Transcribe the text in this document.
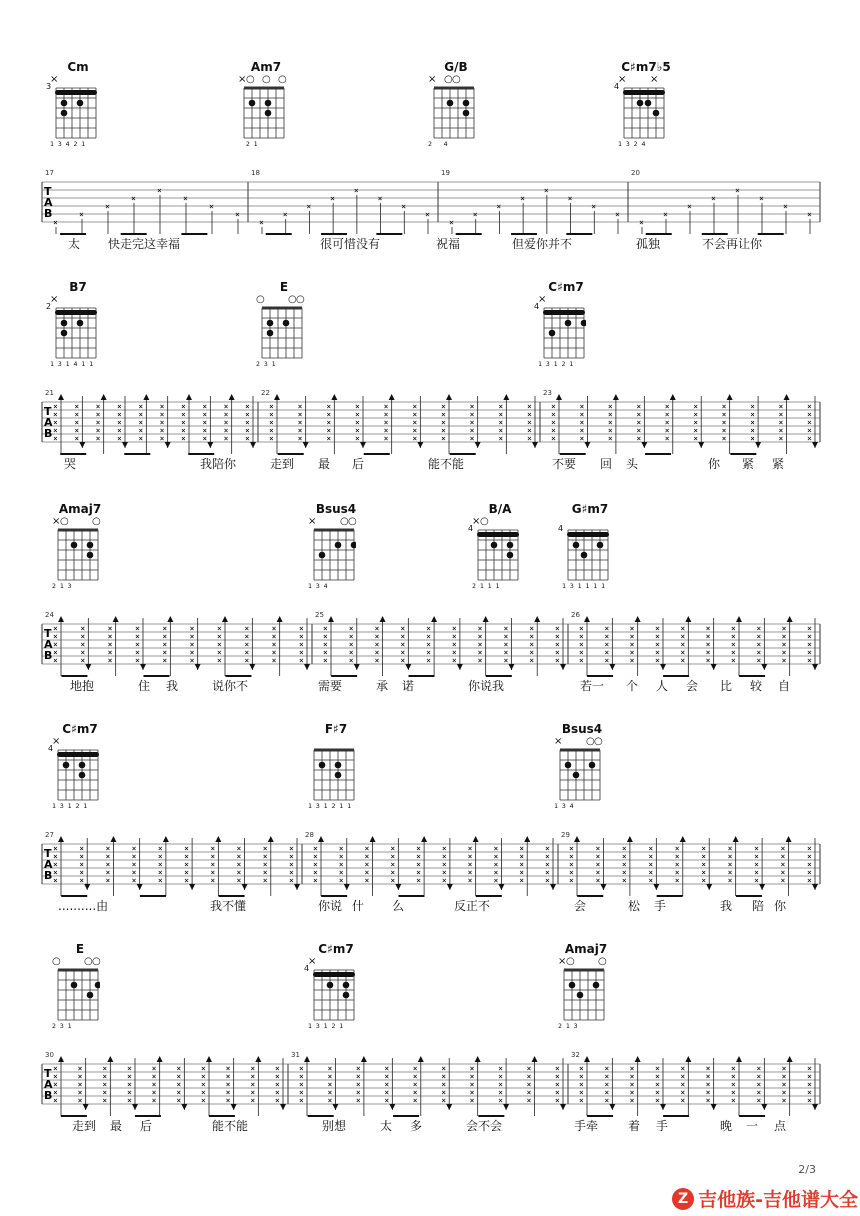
Cm
×
3
1 3 4 2 1
Am7
× ○ ○ ○
2 1
G/B
× ○ ○
2   4
C♯m7♭5
× ×
4
1 3 2 4
T A B
17	18	19	20
×
×
×
×
×
×
×
×
×
×
×
×
×
×
×
×
×
×
×
×
×
×
×
×
×
×
×
×
×
×
×
×
太 快走完这幸福	很可惜没有	祝福	但爱你并不	孤独	不会再让你
B7
×
2
1 3 1 4 1 1
E
○ ○ ○
2 3 1
C♯m7
×
4
1 3 1 2 1
T A B
21	22	23
×
×
×
×
×
×
×
×
×
×
×
×
×
×
×
×
×
×
×
×
×
×
×
×
×
×
×
×
×
×
×
×
×
×
×
×
×
×
×
×
×
×
×
×
×
×
×
×
×
×
×
×
×
×
×
×
×
×
×
×
×
×
×
×
×
×
×
×
×
×
×
×
×
×
×
×
×
×
×
×
×
×
×
×
×
×
×
×
×
×
×
×
×
×
×
×
×
×
×
×
×
×
×
×
×
×
×
×
×
×
×
×
×
×
×
×
×
×
×
×
×
×
×
×
×
×
×
×
×
×
×
×
×
×
×
×
×
×
×
×
×
×
×
×
×
×
×
×
×
×
哭	我陪你	走到 最 后	能不能	不要 回 头	你 紧 紧
Amaj7
× ○ ○
2 1 3
Bsus4
× ○ ○
1 3 4
B/A
× ○
4
2 1 1 1
G♯m7
4
1 3 1 1 1 1
T A B
24	25	26
×
×
×
×
×
×
×
×
×
×
×
×
×
×
×
×
×
×
×
×
×
×
×
×
×
×
×
×
×
×
×
×
×
×
×
×
×
×
×
×
×
×
×
×
×
×
×
×
×
×
×
×
×
×
×
×
×
×
×
×
×
×
×
×
×
×
×
×
×
×
×
×
×
×
×
×
×
×
×
×
×
×
×
×
×
×
×
×
×
×
×
×
×
×
×
×
×
×
×
×
×
×
×
×
×
×
×
×
×
×
×
×
×
×
×
×
×
×
×
×
×
×
×
×
×
×
×
×
×
×
×
×
×
×
×
×
×
×
×
×
×
×
×
×
×
×
×
×
×
×
地抱	住 我	说你不	需要	承 诺	你说我	若一 个 人 会 比 较 自
C♯m7
×
4
1 3 1 2 1
F♯7
1 3 1 2 1 1
Bsus4
× ○ ○
1 3 4
T A B
27	28	29
×
×
×
×
×
×
×
×
×
×
×
×
×
×
×
×
×
×
×
×
×
×
×
×
×
×
×
×
×
×
×
×
×
×
×
×
×
×
×
×
×
×
×
×
×
×
×
×
×
×
×
×
×
×
×
×
×
×
×
×
×
×
×
×
×
×
×
×
×
×
×
×
×
×
×
×
×
×
×
×
×
×
×
×
×
×
×
×
×
×
×
×
×
×
×
×
×
×
×
×
×
×
×
×
×
×
×
×
×
×
×
×
×
×
×
×
×
×
×
×
×
×
×
×
×
×
×
×
×
×
×
×
×
×
×
×
×
×
×
×
×
×
×
×
×
×
×
×
×
×
..........由	我不懂	你说 什 么	反正不	会	松 手	我 陪 你
E
○ ○ ○
2 3 1
C♯m7
×
4
1 3 1 2 1
Amaj7
× ○ ○
2 1 3
T A B
30	31	32
×
×
×
×
×
×
×
×
×
×
×
×
×
×
×
×
×
×
×
×
×
×
×
×
×
×
×
×
×
×
×
×
×
×
×
×
×
×
×
×
×
×
×
×
×
×
×
×
×
×
×
×
×
×
×
×
×
×
×
×
×
×
×
×
×
×
×
×
×
×
×
×
×
×
×
×
×
×
×
×
×
×
×
×
×
×
×
×
×
×
×
×
×
×
×
×
×
×
×
×
×
×
×
×
×
×
×
×
×
×
×
×
×
×
×
×
×
×
×
×
×
×
×
×
×
×
×
×
×
×
×
×
×
×
×
×
×
×
×
×
×
×
×
×
×
×
×
×
×
×
走到 最 后	能不能	别想	太 多	会不会	手牵 着 手	晚 一 点
2/3
Z 吉他族-吉他谱大全
